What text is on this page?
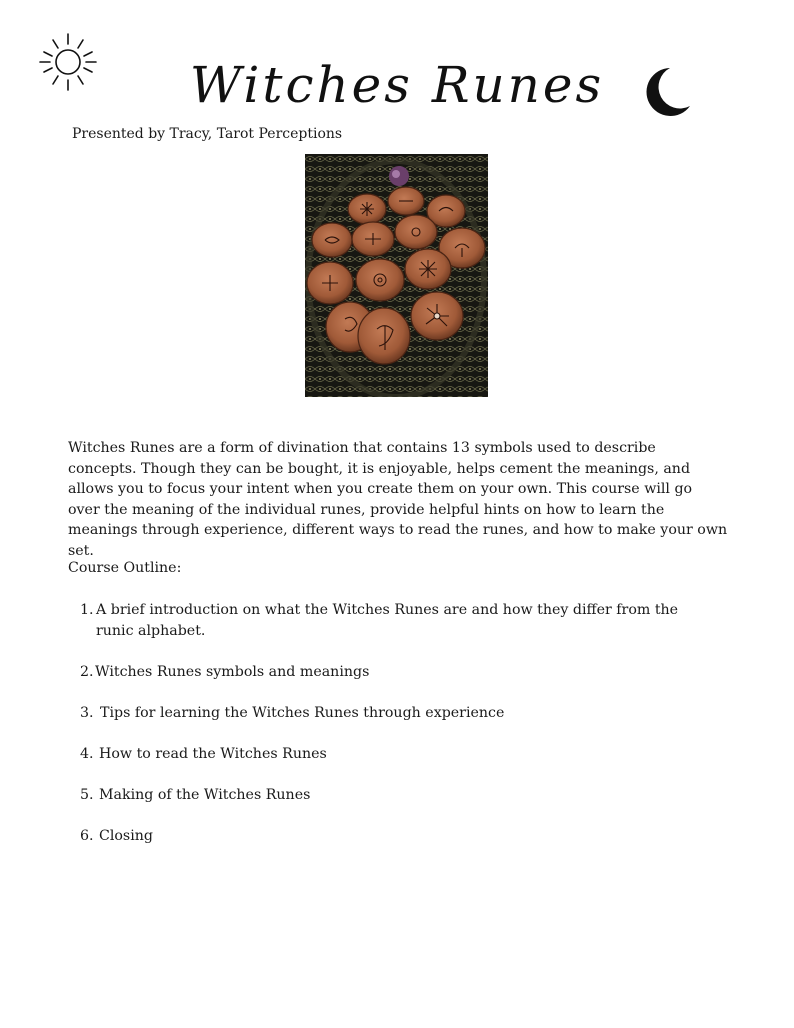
Witches Runes
Presented by Tracy, Tarot Perceptions

Witches Runes are a form of divination that contains 13 symbols used to describe concepts. Though they can be bought, it is enjoyable, helps cement the meanings, and allows you to focus your intent when you create them on your own. This course will go over the meaning of the individual runes, provide helpful hints on how to learn the meanings through experience, different ways to read the runes, and how to make your own set.

Course Outline:
1. A brief introduction on what the Witches Runes are and how they differ from the runic alphabet.
2. Witches Runes symbols and meanings
3. Tips for learning the Witches Runes through experience
4. How to read the Witches Runes
5. Making of the Witches Runes
6. Closing
